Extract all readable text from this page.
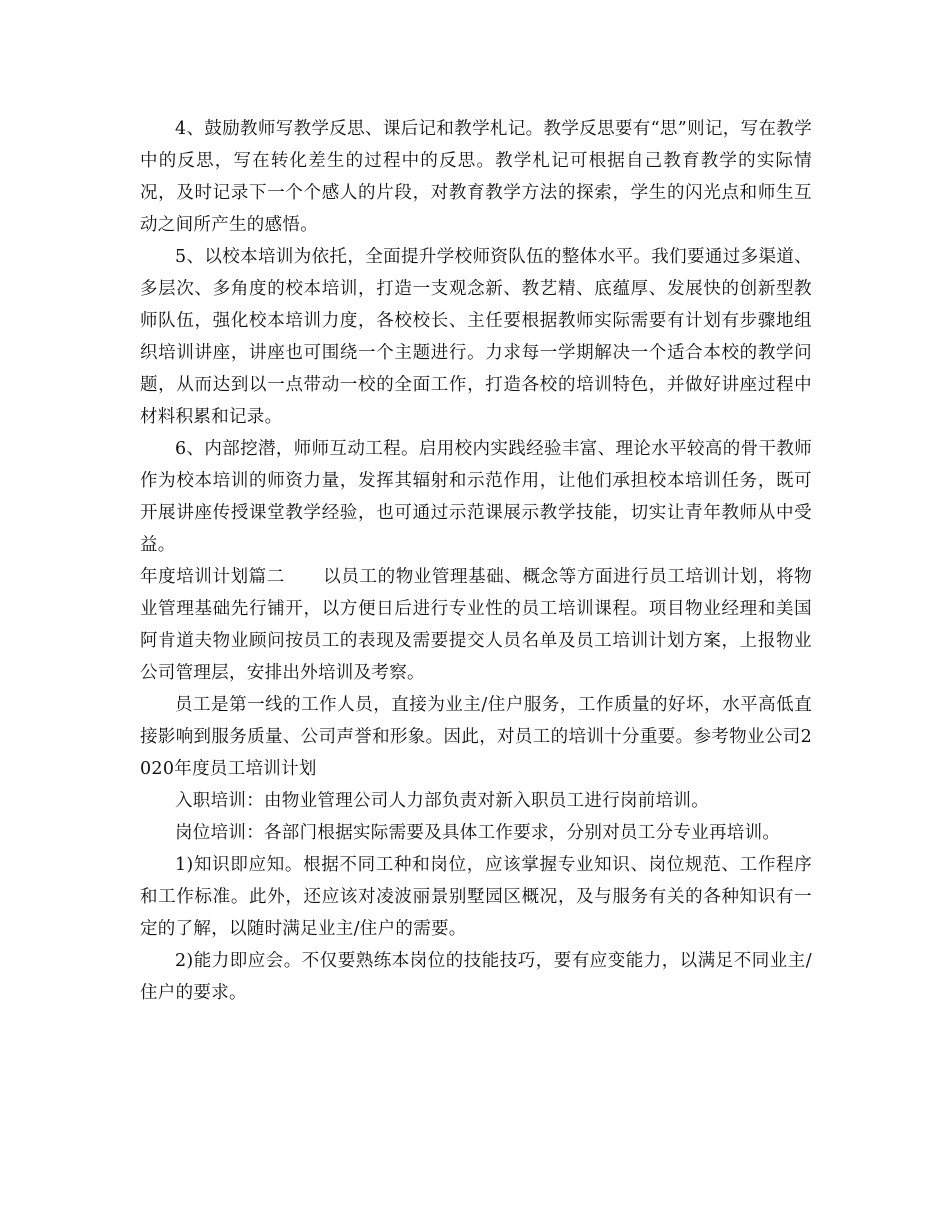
4、鼓励教师写教学反思、课后记和教学札记。教学反思要有“思”则记，写在教学中的反思，写在转化差生的过程中的反思。教学札记可根据自己教育教学的实际情况，及时记录下一个个感人的片段，对教育教学方法的探索，学生的闪光点和师生互动之间所产生的感悟。

5、以校本培训为依托，全面提升学校师资队伍的整体水平。我们要通过多渠道、多层次、多角度的校本培训，打造一支观念新、教艺精、底蕴厚、发展快的创新型教师队伍，强化校本培训力度，各校校长、主任要根据教师实际需要有计划有步骤地组织培训讲座，讲座也可围绕一个主题进行。力求每一学期解决一个适合本校的教学问题，从而达到以一点带动一校的全面工作，打造各校的培训特色，并做好讲座过程中材料积累和记录。

6、内部挖潜，师师互动工程。启用校内实践经验丰富、理论水平较高的骨干教师作为校本培训的师资力量，发挥其辐射和示范作用，让他们承担校本培训任务，既可开展讲座传授课堂教学经验，也可通过示范课展示教学技能，切实让青年教师从中受益。

年度培训计划篇二 以员工的物业管理基础、概念等方面进行员工培训计划，将物业管理基础先行铺开，以方便日后进行专业性的员工培训课程。项目物业经理和美国阿肯道夫物业顾问按员工的表现及需要提交人员名单及员工培训计划方案，上报物业公司管理层，安排出外培训及考察。

员工是第一线的工作人员，直接为业主/住户服务，工作质量的好坏，水平高低直接影响到服务质量、公司声誉和形象。因此，对员工的培训十分重要。参考物业公司2020年度员工培训计划

入职培训：由物业管理公司人力部负责对新入职员工进行岗前培训。

岗位培训：各部门根据实际需要及具体工作要求，分别对员工分专业再培训。

1)知识即应知。根据不同工种和岗位，应该掌握专业知识、岗位规范、工作程序和工作标准。此外，还应该对凌波丽景别墅园区概况，及与服务有关的各种知识有一定的了解，以随时满足业主/住户的需要。

2)能力即应会。不仅要熟练本岗位的技能技巧，要有应变能力，以满足不同业主/住户的要求。
